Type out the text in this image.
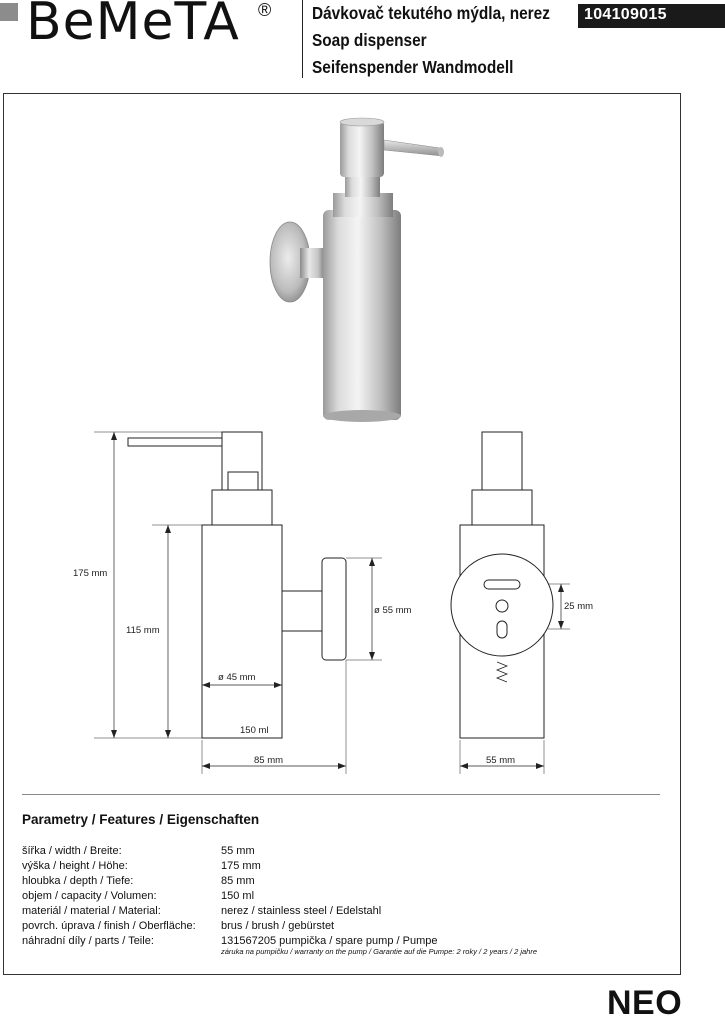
BeMeTA ® Dávkovač tekutého mýdla, nerez
Soap dispenser
Seifenspender Wandmodell
104109015
175 mm
115 mm
ø 55 mm
ø 45 mm
150 ml
85 mm	55 mm
25 mm
Parametry / Features / Eigenschaften
šířka / width / Breite:	55 mm
výška / height / Höhe:	175 mm
hloubka / depth / Tiefe:	85 mm
objem / capacity / Volumen:	150 ml
materiál / material / Material:	nerez / stainless steel / Edelstahl
povrch. úprava / finish / Oberfläche: brus / brush / gebürstet
náhradní díly / parts / Teile:	131567205 pumpička / spare pump / Pumpe
záruka na pumpičku / warranty on the pump / Garantie auf die Pumpe: 2 roky / 2 years / 2 jahre
NEO
